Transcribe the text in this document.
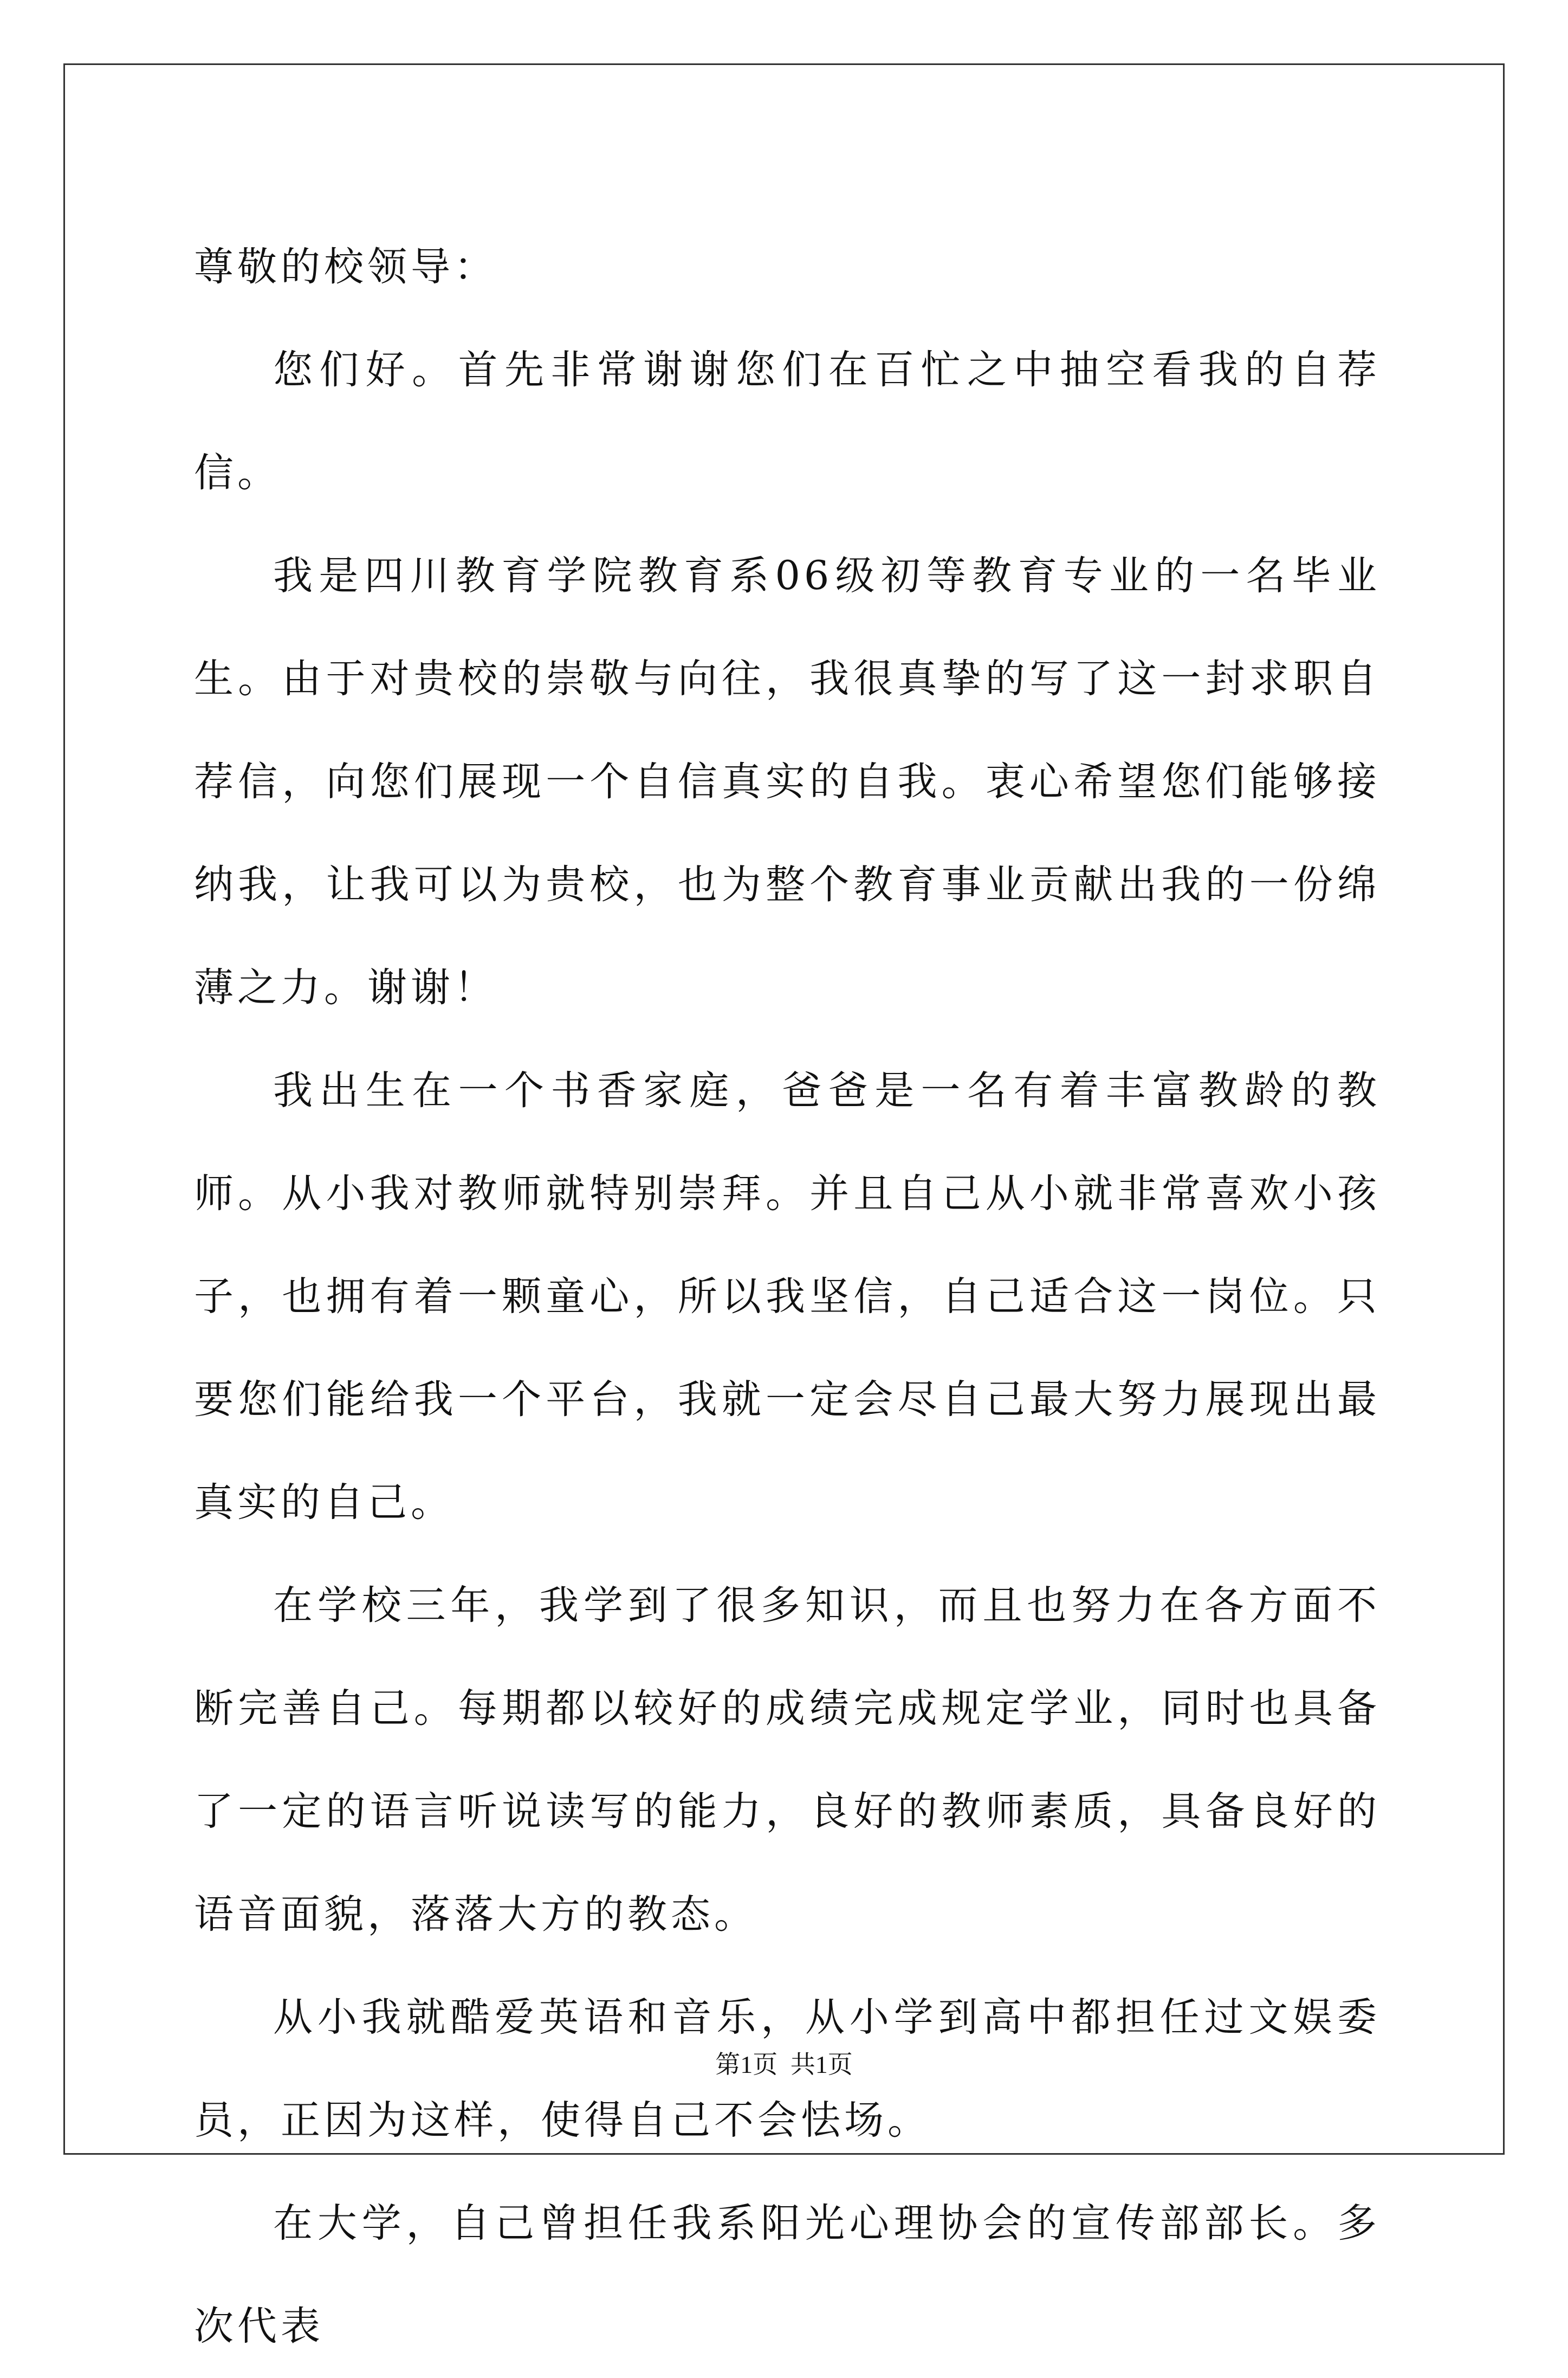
尊敬的校领导：

您们好。首先非常谢谢您们在百忙之中抽空看我的自荐信。

我是四川教育学院教育系06级初等教育专业的一名毕业生。由于对贵校的崇敬与向往，我很真挚的写了这一封求职自荐信，向您们展现一个自信真实的自我。衷心希望您们能够接纳我，让我可以为贵校，也为整个教育事业贡献出我的一份绵薄之力。谢谢！

我出生在一个书香家庭，爸爸是一名有着丰富教龄的教师。从小我对教师就特别崇拜。并且自己从小就非常喜欢小孩子，也拥有着一颗童心，所以我坚信，自己适合这一岗位。只要您们能给我一个平台，我就一定会尽自己最大努力展现出最真实的自己。

在学校三年，我学到了很多知识，而且也努力在各方面不断完善自己。每期都以较好的成绩完成规定学业，同时也具备了一定的语言听说读写的能力，良好的教师素质，具备良好的语音面貌，落落大方的教态。

从小我就酷爱英语和音乐，从小学到高中都担任过文娱委员，正因为这样，使得自己不会怯场。

在大学，自己曾担任我系阳光心理协会的宣传部部长。多次代表

第1页 共1页
